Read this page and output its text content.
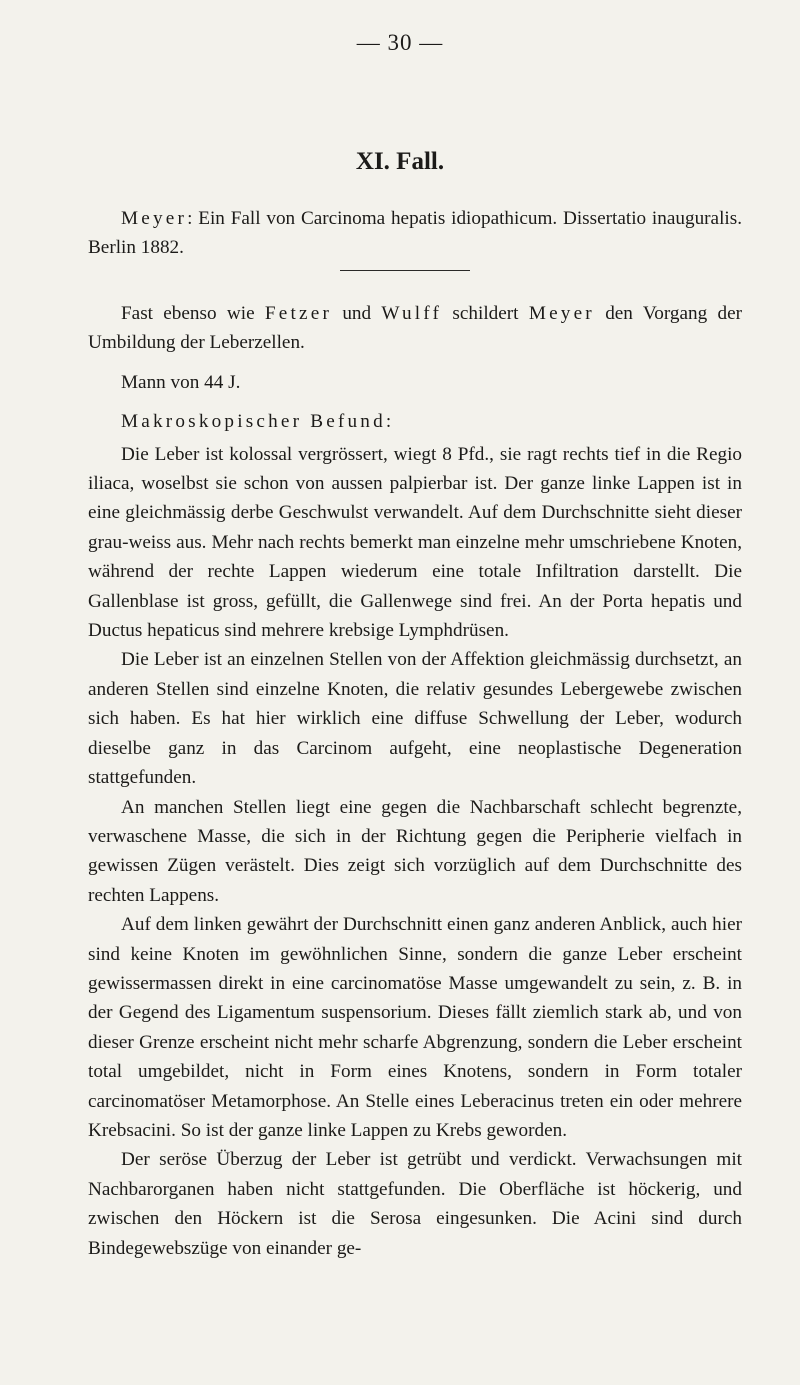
— 30 —
XI. Fall.

Meyer: Ein Fall von Carcinoma hepatis idiopathicum. Dissertatio inauguralis. Berlin 1882.

Fast ebenso wie Fetzer und Wulff schildert Meyer den Vorgang der Umbildung der Leberzellen.

Mann von 44 J.

Makroskopischer Befund:

Die Leber ist kolossal vergrössert, wiegt 8 Pfd., sie ragt rechts tief in die Regio iliaca, woselbst sie schon von aussen palpierbar ist. Der ganze linke Lappen ist in eine gleichmässig derbe Geschwulst verwandelt. Auf dem Durchschnitte sieht dieser grau-weiss aus. Mehr nach rechts bemerkt man einzelne mehr umschriebene Knoten, während der rechte Lappen wiederum eine totale Infiltration darstellt. Die Gallenblase ist gross, gefüllt, die Gallenwege sind frei. An der Porta hepatis und Ductus hepaticus sind mehrere krebsige Lymphdrüsen.

Die Leber ist an einzelnen Stellen von der Affektion gleichmässig durchsetzt, an anderen Stellen sind einzelne Knoten, die relativ gesundes Lebergewebe zwischen sich haben. Es hat hier wirklich eine diffuse Schwellung der Leber, wodurch dieselbe ganz in das Carcinom aufgeht, eine neoplastische Degeneration stattgefunden.

An manchen Stellen liegt eine gegen die Nachbarschaft schlecht begrenzte, verwaschene Masse, die sich in der Richtung gegen die Peripherie vielfach in gewissen Zügen verästelt. Dies zeigt sich vorzüglich auf dem Durchschnitte des rechten Lappens.

Auf dem linken gewährt der Durchschnitt einen ganz anderen Anblick, auch hier sind keine Knoten im gewöhnlichen Sinne, sondern die ganze Leber erscheint gewissermassen direkt in eine carcinomatöse Masse umgewandelt zu sein, z. B. in der Gegend des Ligamentum suspensorium. Dieses fällt ziemlich stark ab, und von dieser Grenze erscheint nicht mehr scharfe Abgrenzung, sondern die Leber erscheint total umgebildet, nicht in Form eines Knotens, sondern in Form totaler carcinomatöser Metamorphose. An Stelle eines Leberacinus treten ein oder mehrere Krebsacini. So ist der ganze linke Lappen zu Krebs geworden.

Der seröse Überzug der Leber ist getrübt und verdickt. Verwachsungen mit Nachbarorganen haben nicht stattgefunden. Die Oberfläche ist höckerig, und zwischen den Höckern ist die Serosa eingesunken. Die Acini sind durch Bindegewebszüge von einander ge-
